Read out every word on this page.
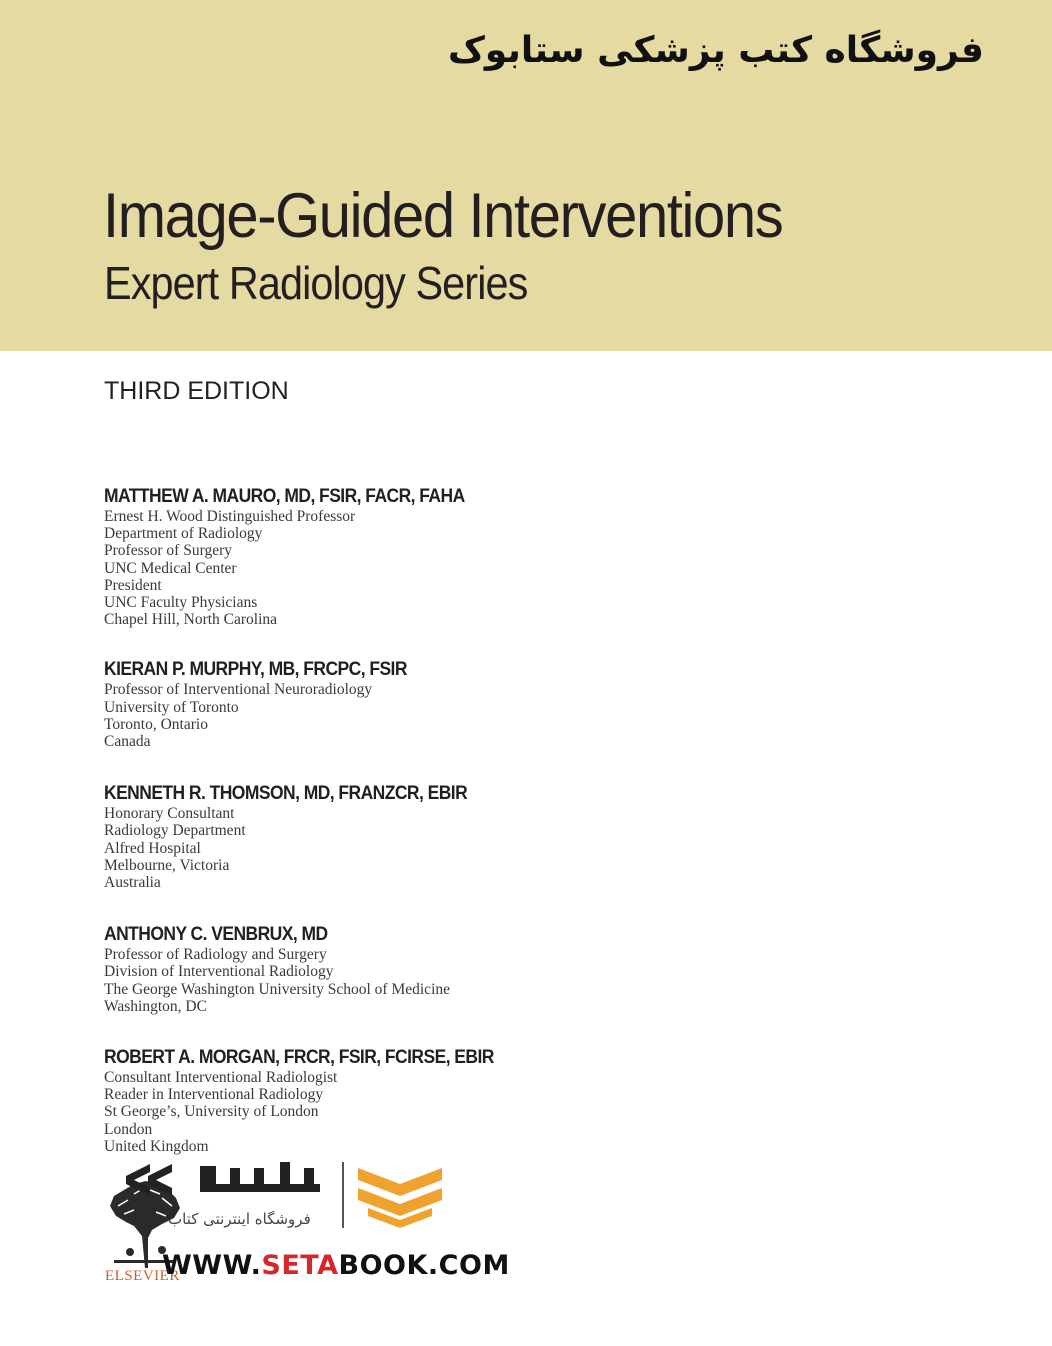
فروشگاه کتب پزشکی ستابوک
Image-Guided Interventions
Expert Radiology Series
THIRD EDITION
MATTHEW A. MAURO, MD, FSIR, FACR, FAHA
Ernest H. Wood Distinguished Professor
Department of Radiology
Professor of Surgery
UNC Medical Center
President
UNC Faculty Physicians
Chapel Hill, North Carolina
KIERAN P. MURPHY, MB, FRCPC, FSIR
Professor of Interventional Neuroradiology
University of Toronto
Toronto, Ontario
Canada
KENNETH R. THOMSON, MD, FRANZCR, EBIR
Honorary Consultant
Radiology Department
Alfred Hospital
Melbourne, Victoria
Australia
ANTHONY C. VENBRUX, MD
Professor of Radiology and Surgery
Division of Interventional Radiology
The George Washington University School of Medicine
Washington, DC
ROBERT A. MORGAN, FRCR, FSIR, FCIRSE, EBIR
Consultant Interventional Radiologist
Reader in Interventional Radiology
St George’s, University of London
London
United Kingdom
ELSEVIER
فروشگاه اینترنتی کتاب
WWW.SETABOOK.COM
